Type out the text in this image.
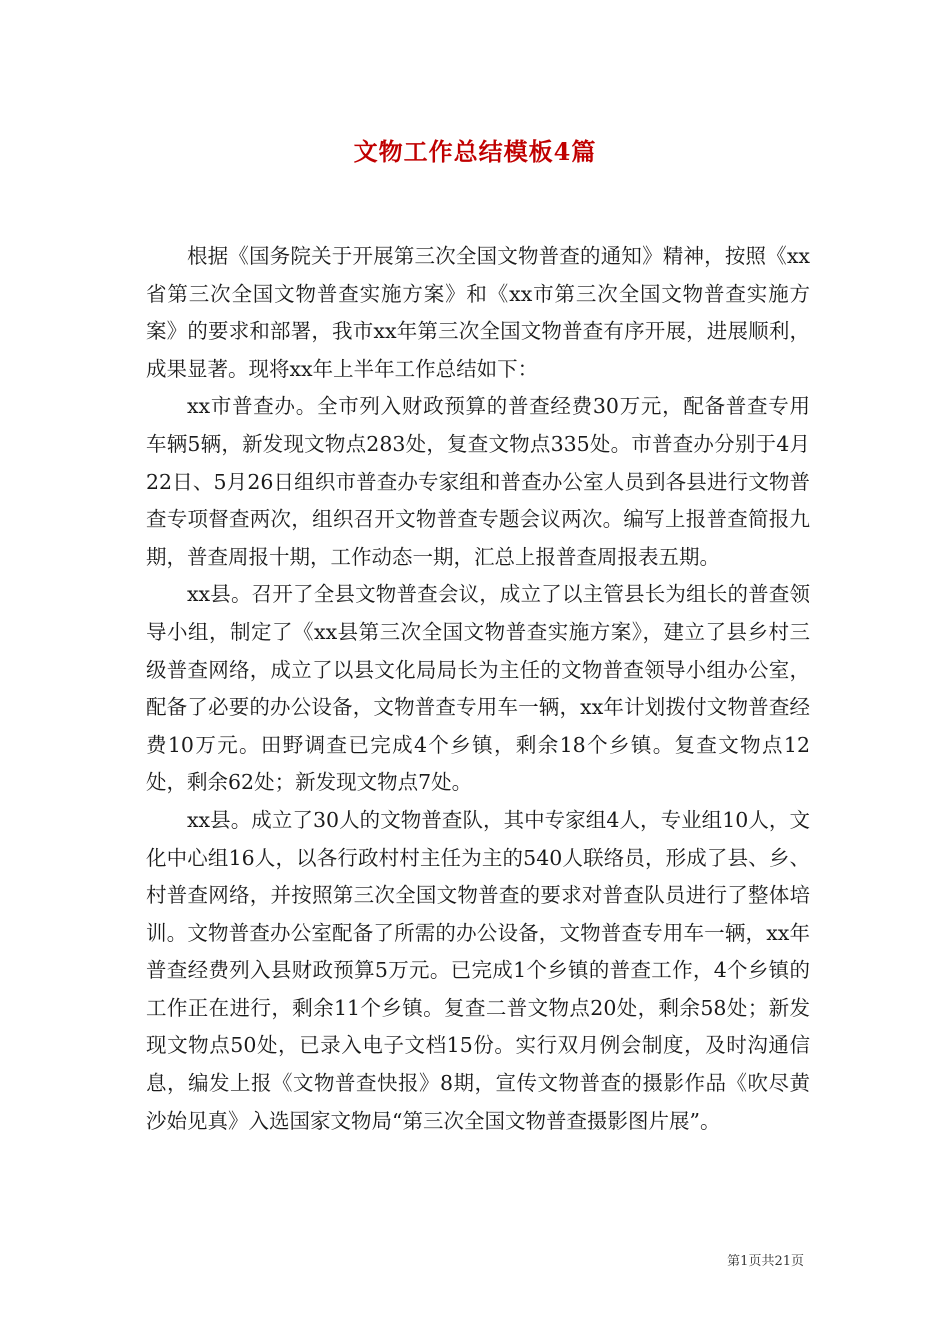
文物工作总结模板4篇

根据《国务院关于开展第三次全国文物普查的通知》精神，按照《xx省第三次全国文物普查实施方案》和《xx市第三次全国文物普查实施方案》的要求和部署，我市xx年第三次全国文物普查有序开展，进展顺利，成果显著。现将xx年上半年工作总结如下：

xx市普查办。全市列入财政预算的普查经费30万元，配备普查专用车辆5辆，新发现文物点283处，复查文物点335处。市普查办分别于4月22日、5月26日组织市普查办专家组和普查办公室人员到各县进行文物普查专项督查两次，组织召开文物普查专题会议两次。编写上报普查简报九期，普查周报十期，工作动态一期，汇总上报普查周报表五期。

xx县。召开了全县文物普查会议，成立了以主管县长为组长的普查领导小组，制定了《xx县第三次全国文物普查实施方案》，建立了县乡村三级普查网络，成立了以县文化局局长为主任的文物普查领导小组办公室，配备了必要的办公设备，文物普查专用车一辆，xx年计划拨付文物普查经费10万元。田野调查已完成4个乡镇，剩余18个乡镇。复查文物点12处，剩余62处；新发现文物点7处。

xx县。成立了30人的文物普查队，其中专家组4人，专业组10人，文化中心组16人，以各行政村村主任为主的540人联络员，形成了县、乡、村普查网络，并按照第三次全国文物普查的要求对普查队员进行了整体培训。文物普查办公室配备了所需的办公设备，文物普查专用车一辆，xx年普查经费列入县财政预算5万元。已完成1个乡镇的普查工作，4个乡镇的工作正在进行，剩余11个乡镇。复查二普文物点20处，剩余58处；新发现文物点50处，已录入电子文档15份。实行双月例会制度，及时沟通信息，编发上报《文物普查快报》8期，宣传文物普查的摄影作品《吹尽黄沙始见真》入选国家文物局“第三次全国文物普查摄影图片展”。

第1页共21页
